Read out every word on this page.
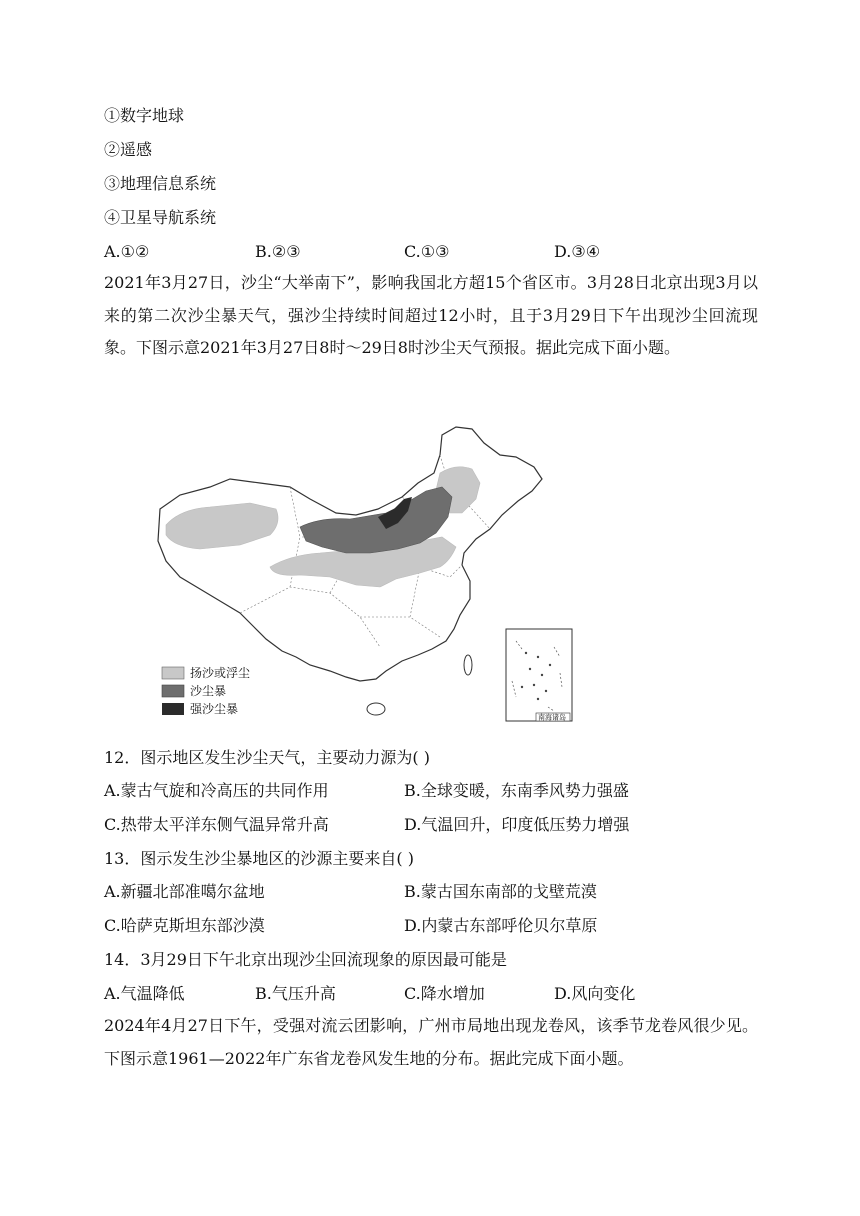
①数字地球
②遥感
③地理信息系统
④卫星导航系统
A.①②	B.②③	C.①③	D.③④
2021年3月27日，沙尘“大举南下”，影响我国北方超15个省区市。3月28日北京出现3月以来的第二次沙尘暴天气，强沙尘持续时间超过12小时，且于3月29日下午出现沙尘回流现象。下图示意2021年3月27日8时～29日8时沙尘天气预报。据此完成下面小题。
南海诸岛
扬沙或浮尘
沙尘暴
强沙尘暴
12．图示地区发生沙尘天气，主要动力源为( )
A.蒙古气旋和冷高压的共同作用	B.全球变暖，东南季风势力强盛
C.热带太平洋东侧气温异常升高	D.气温回升，印度低压势力增强
13．图示发生沙尘暴地区的沙源主要来自( )
A.新疆北部准噶尔盆地	B.蒙古国东南部的戈壁荒漠
C.哈萨克斯坦东部沙漠	D.内蒙古东部呼伦贝尔草原
14．3月29日下午北京出现沙尘回流现象的原因最可能是
A.气温降低	B.气压升高	C.降水增加	D.风向变化
2024年4月27日下午，受强对流云团影响，广州市局地出现龙卷风，该季节龙卷风很少见。下图示意1961—2022年广东省龙卷风发生地的分布。据此完成下面小题。
